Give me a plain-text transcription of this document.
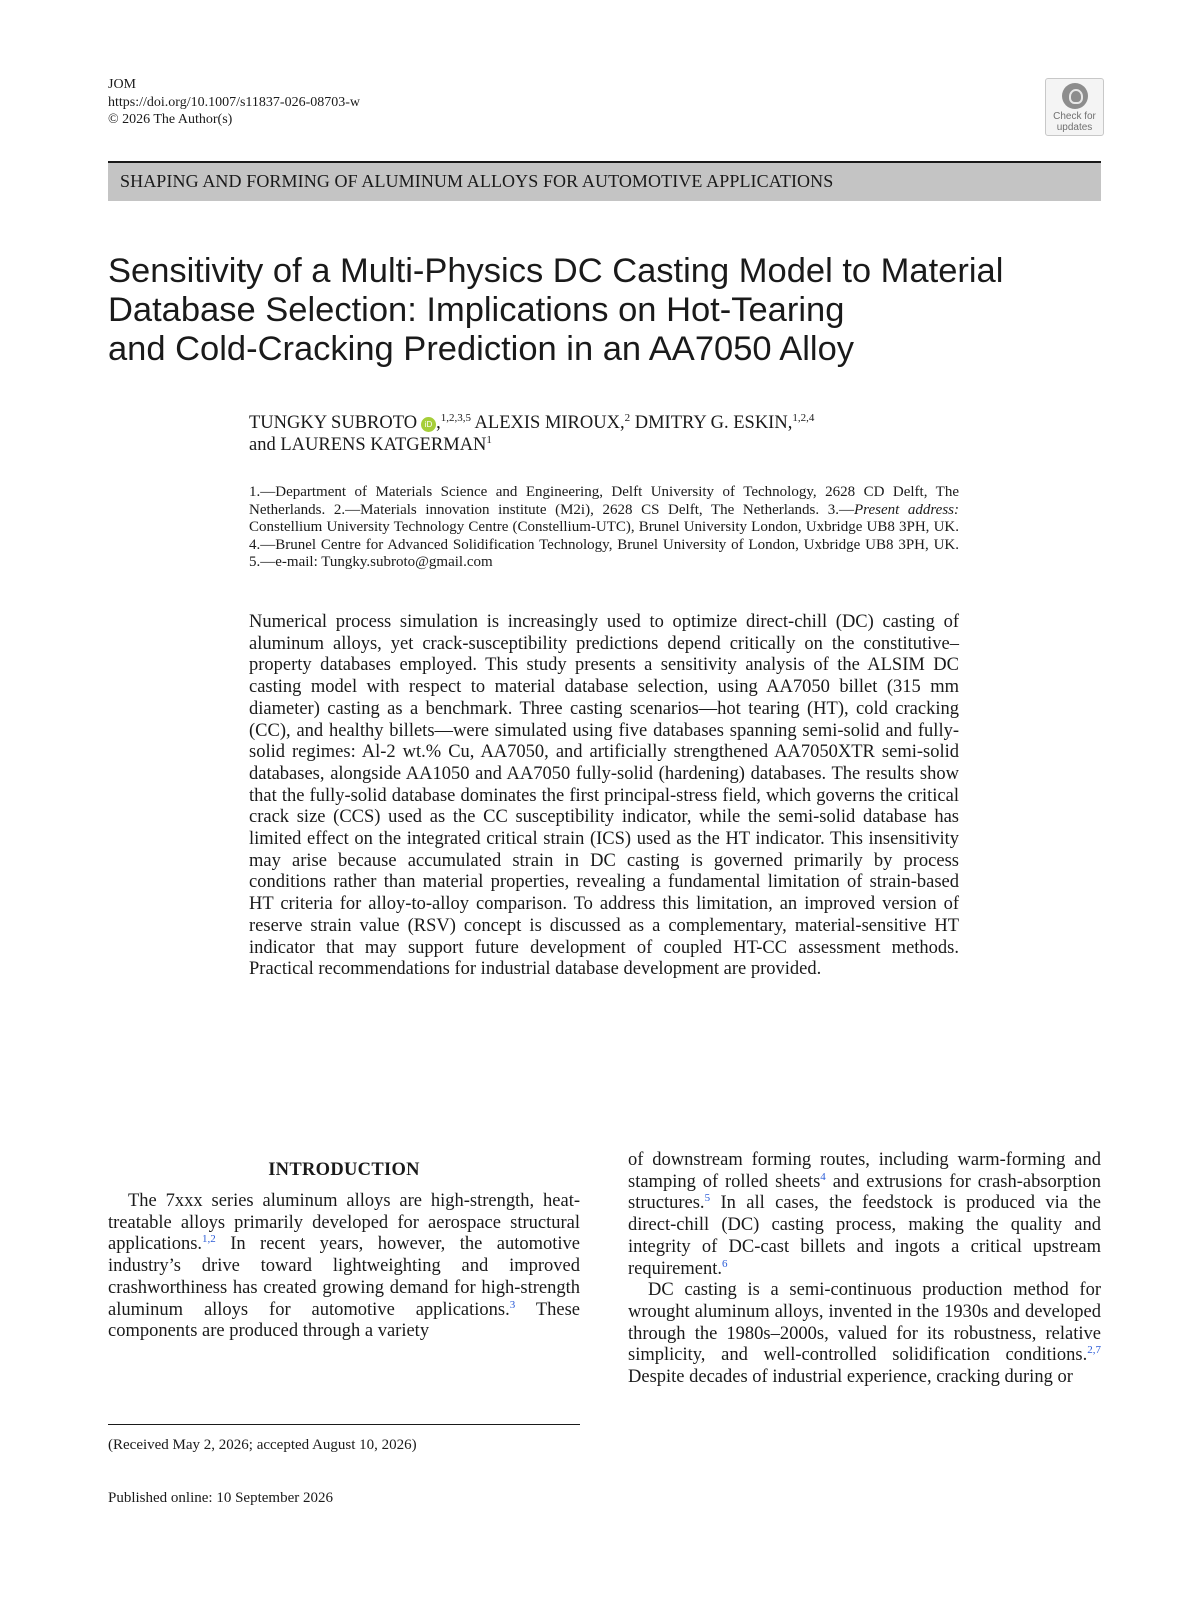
JOM
https://doi.org/10.1007/s11837-026-08703-w
© 2026 The Author(s)	Check for
updates
SHAPING AND FORMING OF ALUMINUM ALLOYS FOR AUTOMOTIVE APPLICATIONS
Sensitivity of a Multi-Physics DC Casting Model to Material
Database Selection: Implications on Hot-Tearing
and Cold-Cracking Prediction in an AA7050 Alloy
TUNGKY SUBROTO iD ,$^{1,2,3,5}$ ALEXIS MIROUX,$^2$ DMITRY G. ESKIN,$^{1,2,4}$
and LAURENS KATGERMAN$^1$
1.—Department of Materials Science and Engineering, Delft University of Technology, 2628 CD Delft, The Netherlands. 2.—Materials innovation institute (M2i), 2628 CS Delft, The Netherlands. 3.—Present address: Constellium University Technology Centre (Constellium-UTC), Brunel University London, Uxbridge UB8 3PH, UK. 4.—Brunel Centre for Advanced Solidification Technology, Brunel University of London, Uxbridge UB8 3PH, UK. 5.—e-mail: Tungky.subroto@gmail.com
Numerical process simulation is increasingly used to optimize direct-chill (DC) casting of aluminum alloys, yet crack-susceptibility predictions depend critically on the constitutive–property databases employed. This study presents a sensitivity analysis of the ALSIM DC casting model with respect to material database selection, using AA7050 billet (315 mm diameter) casting as a benchmark. Three casting scenarios—hot tearing (HT), cold cracking (CC), and healthy billets—were simulated using five databases spanning semi-solid and fully-solid regimes: Al-2 wt.% Cu, AA7050, and artificially strengthened AA7050XTR semi-solid databases, alongside AA1050 and AA7050 fully-solid (hardening) databases. The results show that the fully-solid database dominates the first principal-stress field, which governs the critical crack size (CCS) used as the CC susceptibility indicator, while the semi-solid database has limited effect on the integrated critical strain (ICS) used as the HT indicator. This insensitivity may arise because accumulated strain in DC casting is governed primarily by process conditions rather than material properties, revealing a fundamental limitation of strain-based HT criteria for alloy-to-alloy comparison. To address this limitation, an improved version of reserve strain value (RSV) concept is discussed as a complementary, material-sensitive HT indicator that may support future development of coupled HT-CC assessment methods. Practical recommendations for industrial database development are provided.
INTRODUCTION

The 7xxx series aluminum alloys are high-strength, heat-treatable alloys primarily developed for aerospace structural applications.$^{1,2}$ In recent years, however, the automotive industry’s drive toward lightweighting and improved crashworthiness has created growing demand for high-strength aluminum alloys for automotive applications.$^3$ These components are produced through a variety

of downstream forming routes, including warm-forming and stamping of rolled sheets$^4$ and extrusions for crash-absorption structures.$^5$ In all cases, the feedstock is produced via the direct-chill (DC) casting process, making the quality and integrity of DC-cast billets and ingots a critical upstream requirement.$^6$

DC casting is a semi-continuous production method for wrought aluminum alloys, invented in the 1930s and developed through the 1980s–2000s, valued for its robustness, relative simplicity, and well-controlled solidification conditions.$^{2,7}$ Despite decades of industrial experience, cracking during or

(Received May 2, 2026; accepted August 10, 2026)
Published online: 10 September 2026
